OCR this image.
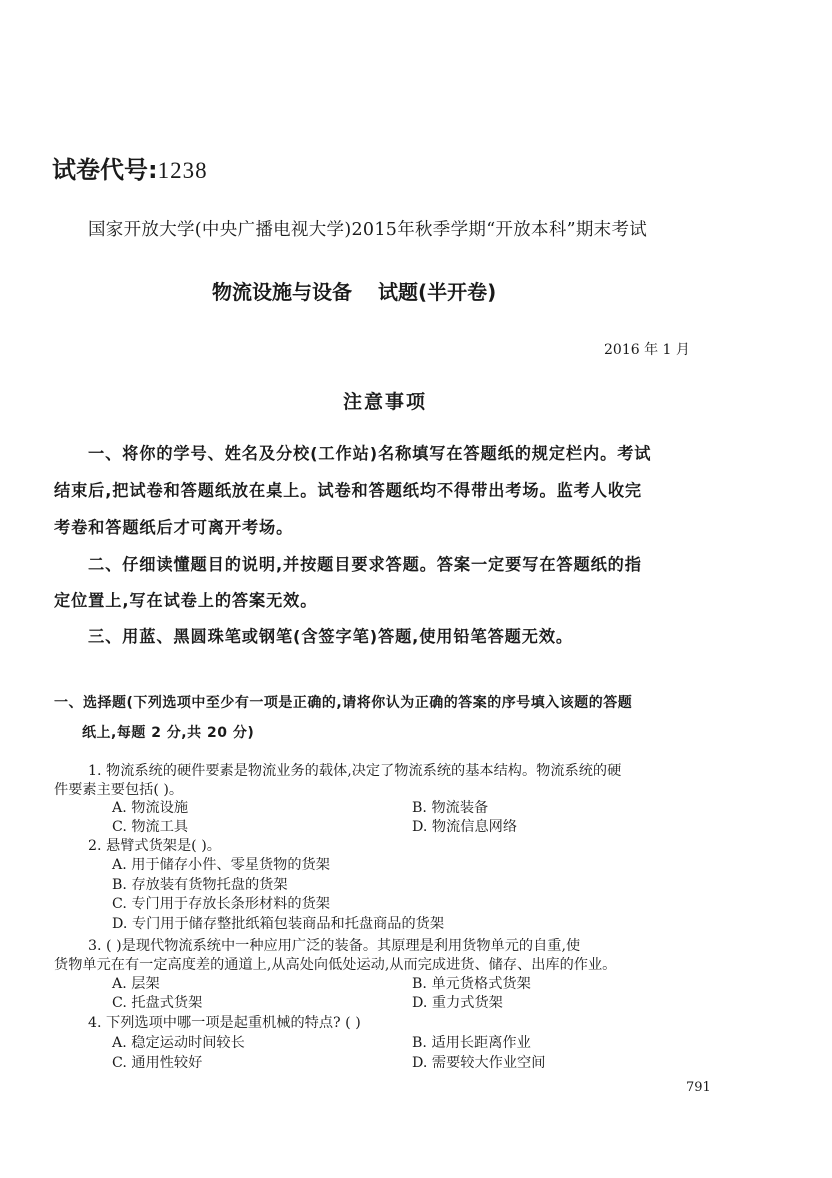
试卷代号:1238
国家开放大学(中央广播电视大学)2015年秋季学期“开放本科”期末考试
物流设施与设备 试题(半开卷)
2016 年 1 月
注意事项
一、将你的学号、姓名及分校(工作站)名称填写在答题纸的规定栏内。考试
结束后,把试卷和答题纸放在桌上。试卷和答题纸均不得带出考场。监考人收完
考卷和答题纸后才可离开考场。
二、仔细读懂题目的说明,并按题目要求答题。答案一定要写在答题纸的指
定位置上,写在试卷上的答案无效。
三、用蓝、黑圆珠笔或钢笔(含签字笔)答题,使用铅笔答题无效。
一、选择题(下列选项中至少有一项是正确的,请将你认为正确的答案的序号填入该题的答题
纸上,每题 2 分,共 20 分)
1. 物流系统的硬件要素是物流业务的载体,决定了物流系统的基本结构。物流系统的硬
件要素主要包括( )。
A. 物流设施	B. 物流装备
C. 物流工具	D. 物流信息网络
2. 悬臂式货架是( )。
A. 用于储存小件、零星货物的货架
B. 存放装有货物托盘的货架
C. 专门用于存放长条形材料的货架
D. 专门用于储存整批纸箱包装商品和托盘商品的货架
3. ( )是现代物流系统中一种应用广泛的装备。其原理是利用货物单元的自重,使
货物单元在有一定高度差的通道上,从高处向低处运动,从而完成进货、储存、出库的作业。
A. 层架	B. 单元货格式货架
C. 托盘式货架	D. 重力式货架
4. 下列选项中哪一项是起重机械的特点? ( )
A. 稳定运动时间较长	B. 适用长距离作业
C. 通用性较好	D. 需要较大作业空间
791
